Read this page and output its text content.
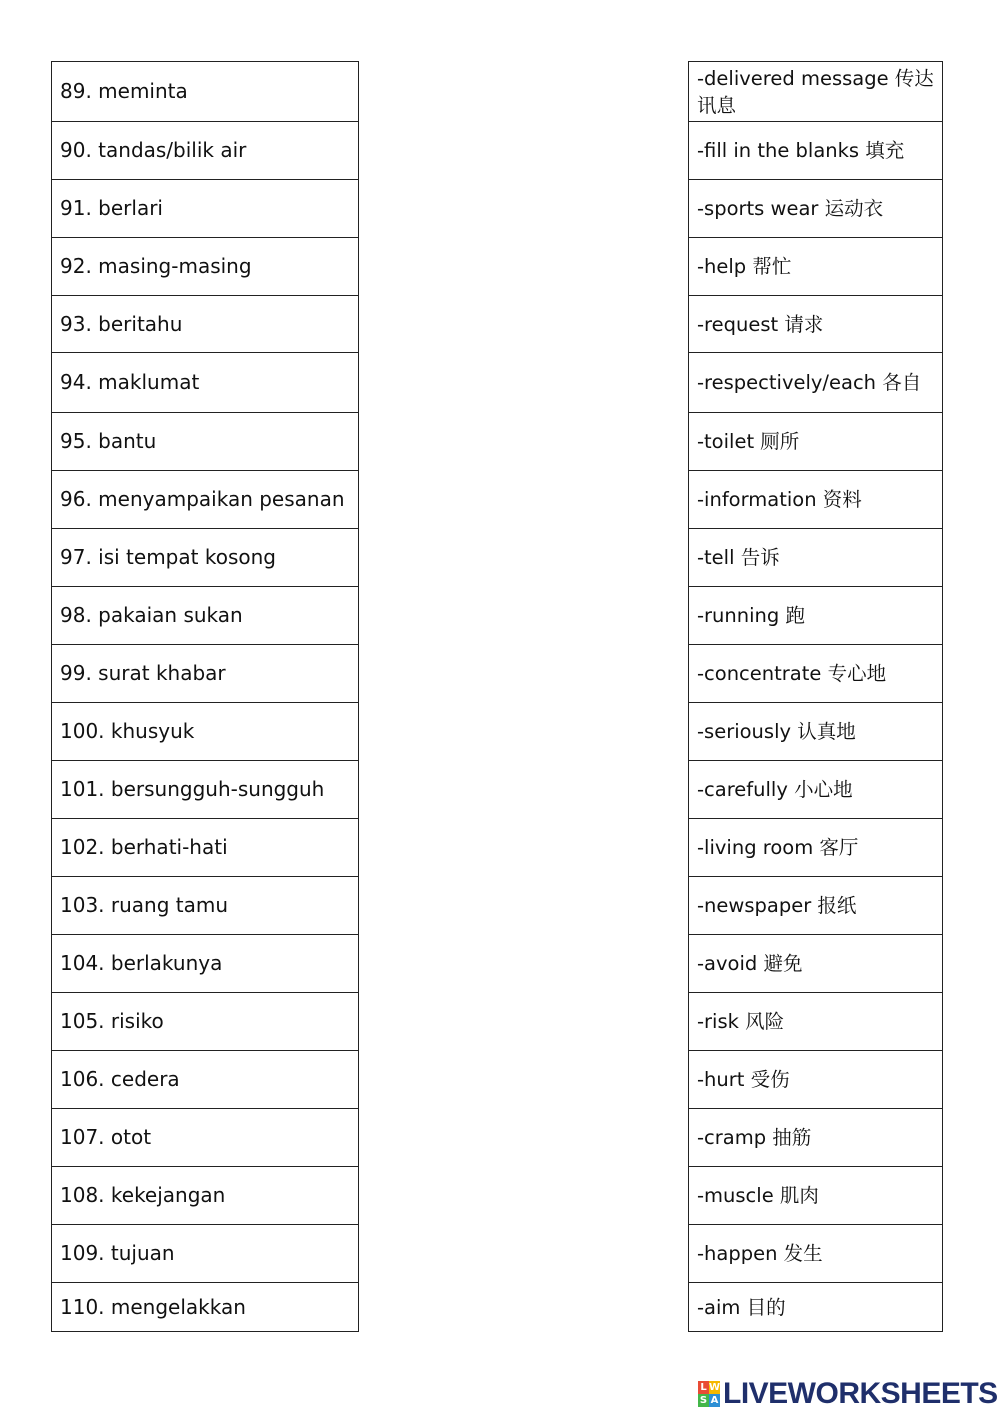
89. meminta
90. tandas/bilik air
91. berlari
92. masing-masing
93. beritahu
94. maklumat
95. bantu
96. menyampaikan pesanan
97. isi tempat kosong
98. pakaian sukan
99. surat khabar
100. khusyuk
101. bersungguh-sungguh
102. berhati-hati
103. ruang tamu
104. berlakunya
105. risiko
106. cedera
107. otot
108. kekejangan
109. tujuan
110. mengelakkan
-delivered message 传达讯息
-fill in the blanks 填充
-sports wear 运动衣
-help 帮忙
-request 请求
-respectively/each 各自
-toilet 厕所
-information 资料
-tell 告诉
-running 跑
-concentrate 专心地
-seriously 认真地
-carefully 小心地
-living room 客厅
-newspaper 报纸
-avoid 避免
-risk 风险
-hurt 受伤
-cramp 抽筋
-muscle 肌肉
-happen 发生
-aim 目的
L W
S A LIVEWORKSHEETS
